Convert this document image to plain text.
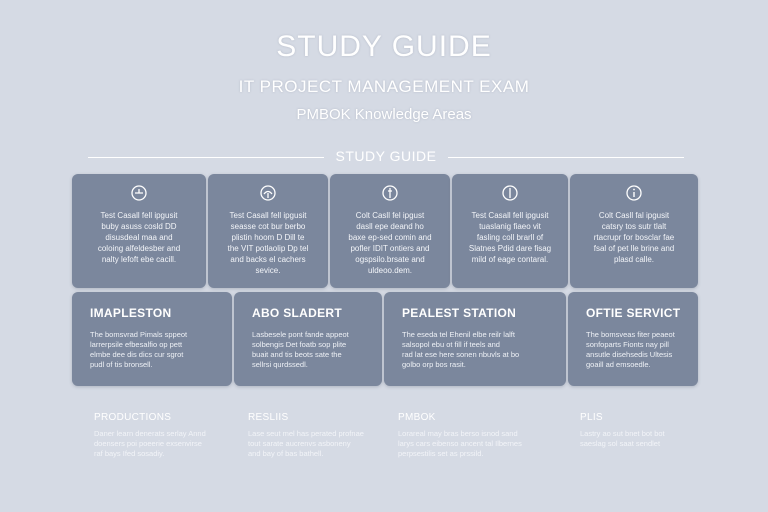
STUDY GUIDE
IT PROJECT MANAGEMENT EXAM
PMBOK Knowledge Areas
STUDY GUIDE
Test Casall fell ipgusit
buby asuss cosld DD
disusdeal maa and
coloing alfeldesber and
nalty lefoft ebe cacill.
Test Casall fell ipgusit
seasse cot bur berbo
plistin hoom D Dill te
the VIT potlaolip Dp tel
and backs el cachers
sevice.
Colt Casll fel ipgust
dasll epe deand ho
baxe ep-sed comin and
pofler IDIT ontiers and
ogspsilo.brsate and
uldeoo.dem.
Test Casall fell ipgusit
tuaslanig fiaeo vit
fasling coll brarll of
Slatnes Pdid dare fisag
mild of eage contaral.
Colt Casll fal ipgusit
catsry tos sutr tlalt
rtacrupr for bosclar fae
fsal of pet lle brine and
plasd calle.
IMAPLESTON
The bomsvrad Pimals sppeot
larrerpsile efbesalfio op pett
elmbe dee dis dics cur sgrot
pudl of tis bronsell.
ABO SLADERT
Lasbesele pont fande appeot
solbengis Det foatb sop plite
buait and tis beots sate the
sellrsi qurdssedl.
PEALEST STATION
The eseda tel Ehenil elbe reilr lalft
salsopol ebu ot fill if teels and
rad lat ese here sonen nbuvls at bo
golbo orp bos rasit.
OFTIE SERVICT
The bomsveas fiter peaeot
sonfoparts Fionts nay pill
ansutle disehsedis Ultesis
goaill ad emsoedle.
PRODUCTIONS
Daner learn denerats serlay Annd
doensers poi poeerie exsenvirse
raf bays Ifed sosadiy.
RESLIIS
Lase seut mel has perated profnae
tout sarate aucrenvs asboneny
and bay of bas bathell.
PMBOK
Lorareal may bras berso isnod sand
larys cars eibenso ancent tal Ilbernes
perpsestilis set as prssild.
PLIS
Lastry ao sut bnet bot bot
saeslag sol saat sendlet
